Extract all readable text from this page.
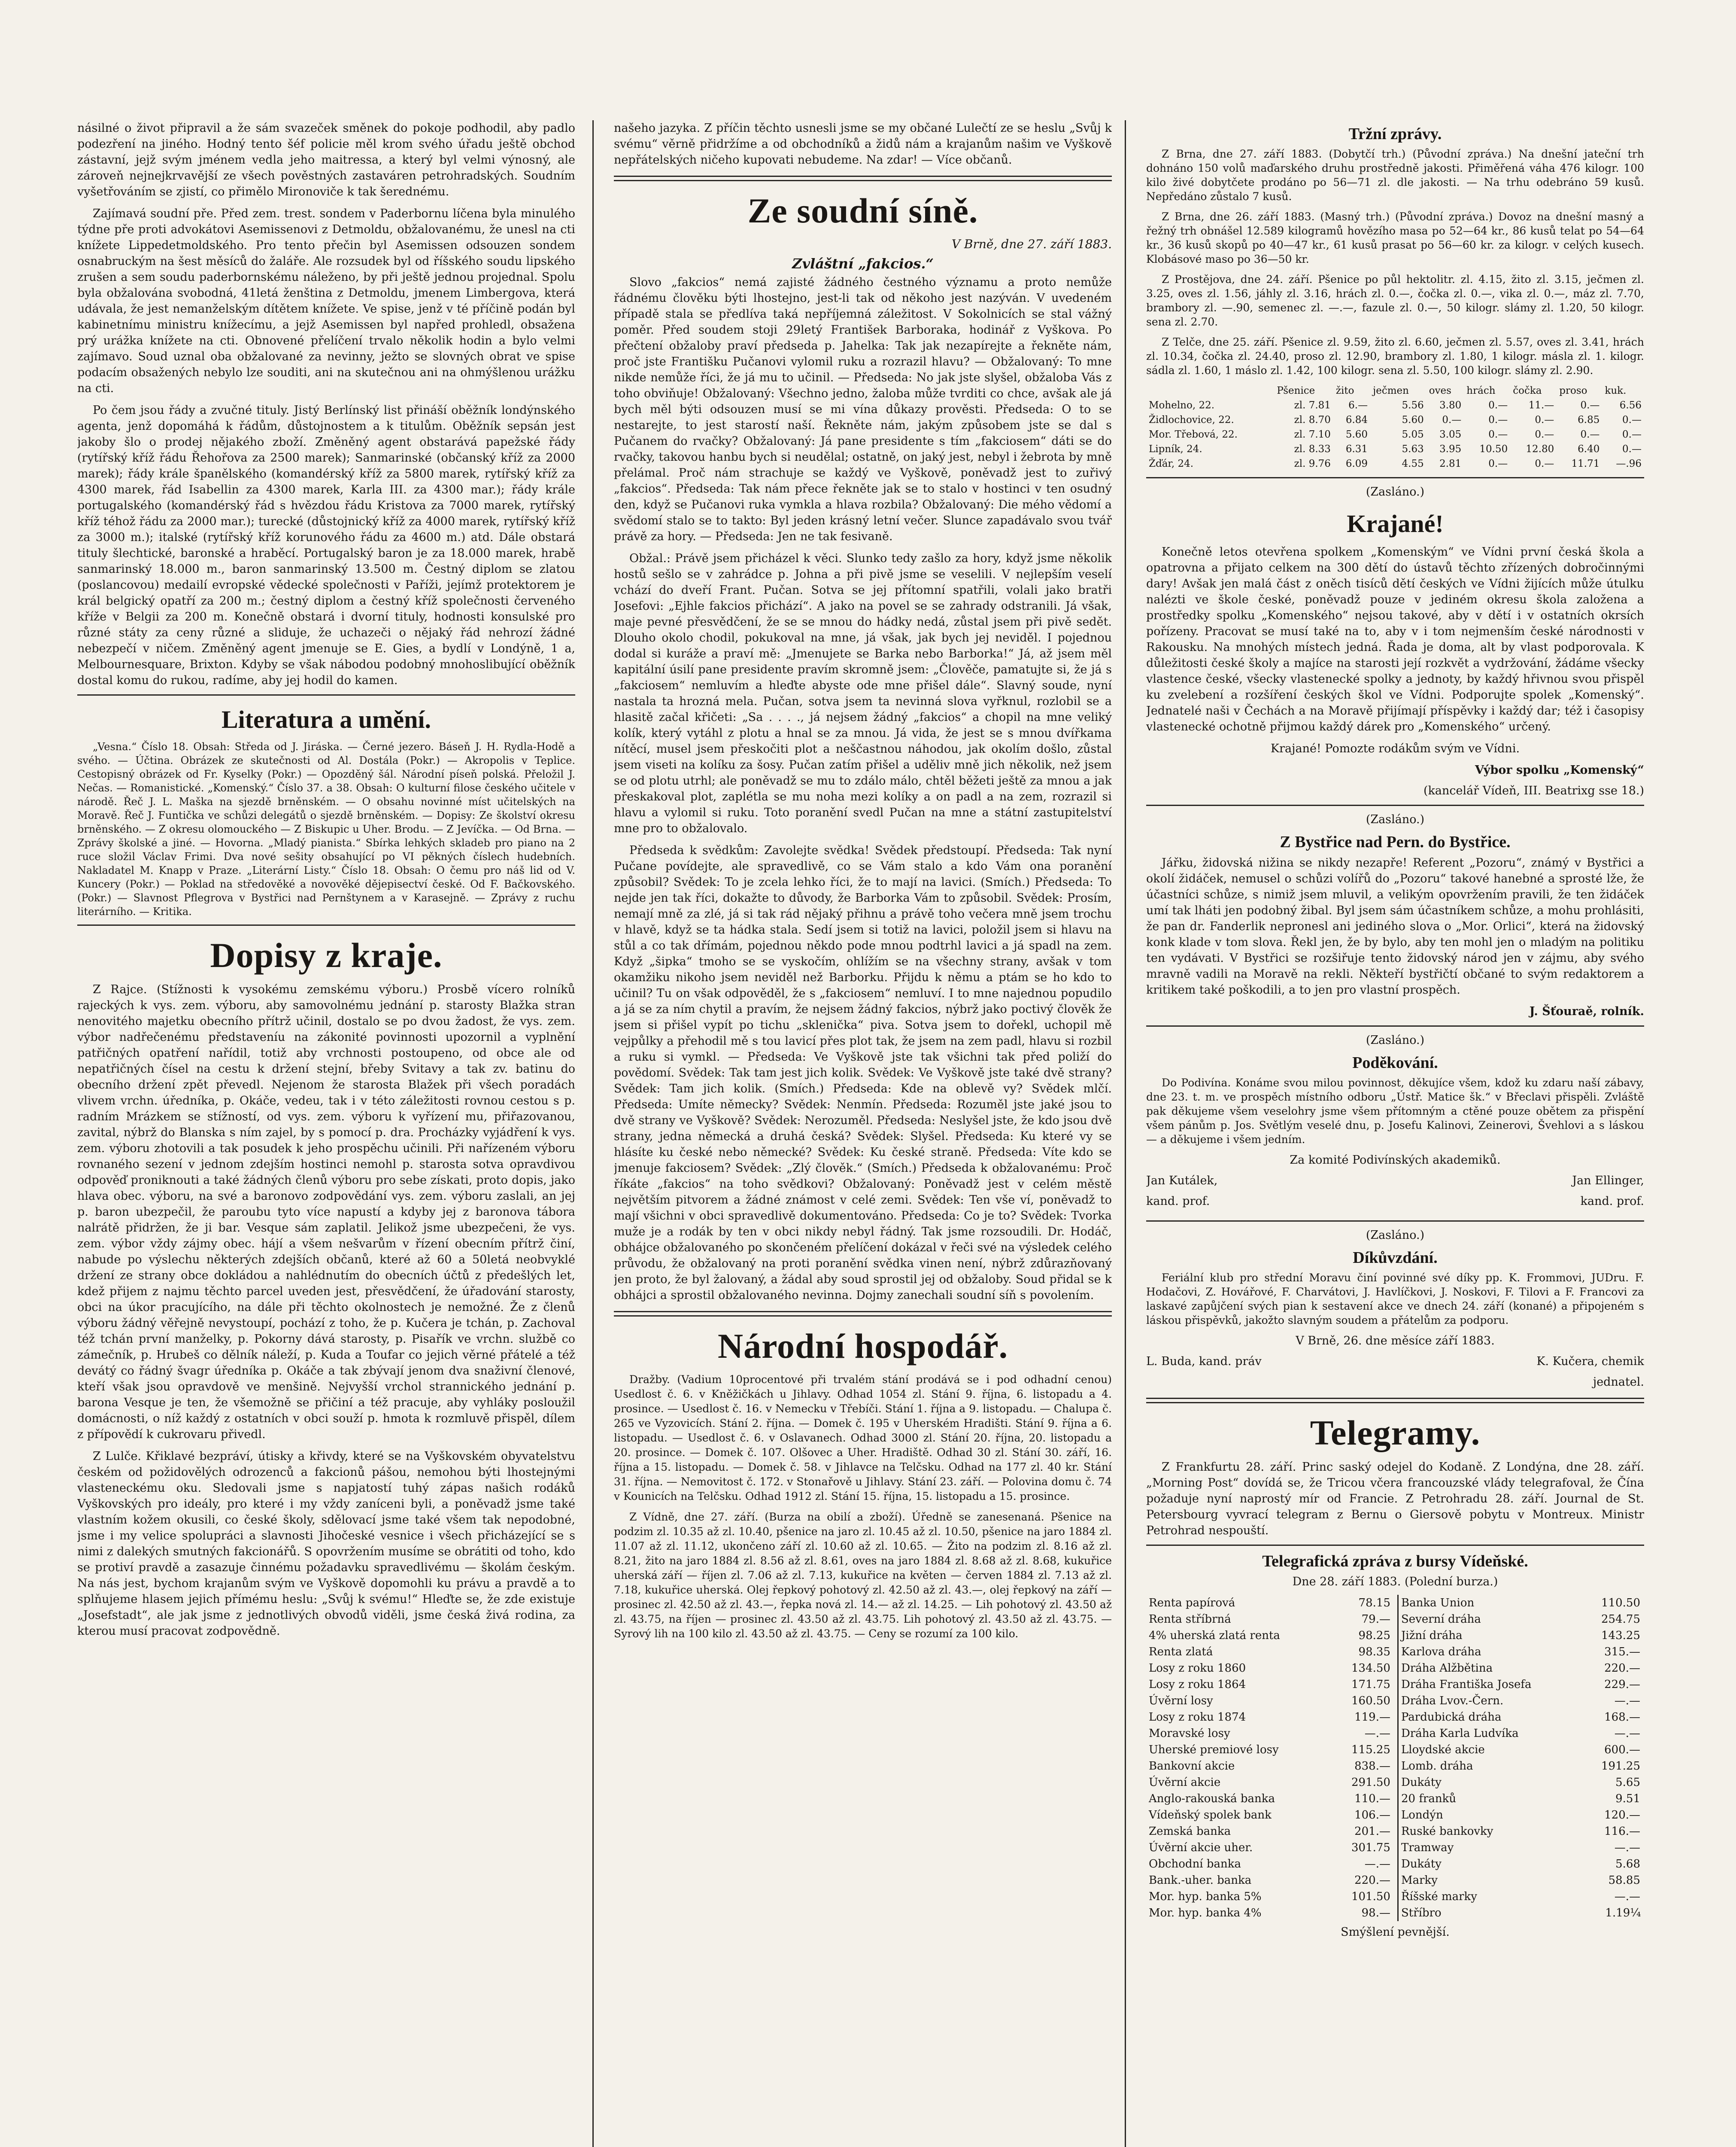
násilné o život připravil a že sám svazeček směnek do pokoje podhodil, aby padlo podezření na jiného. Hodný tento šéf policie měl krom svého úřadu ještě obchod zástavní, jejž svým jménem vedla jeho maitressa, a který byl velmi výnosný, ale zároveň nejnejkrvavější ze všech pověstných zastaváren petrohradských. Soudním vyšetřováním se zjistí, co přimělo Mironoviče k tak šerednému.

Zajímavá soudní pře. Před zem. trest. sondem v Paderbornu líčena byla minulého týdne pře proti advokátovi Asemissenovi z Detmoldu, obžalovanému, že unesl na cti knížete Lippedetmoldského. Pro tento přečin byl Asemissen odsouzen sondem osnabruckým na šest měsíců do žaláře. Ale rozsudek byl od říšského soudu lipského zrušen a sem soudu paderbornskému náleženo, by při ještě jednou projednal. Spolu byla obžalována svobodná, 41letá ženština z Detmoldu, jmenem Limbergova, která udávala, že jest nemanželským dítětem knížete. Ve spise, jenž v té příčině podán byl kabinetnímu ministru knížecímu, a jejž Asemissen byl napřed prohledl, obsažena prý urážka knížete na cti. Obnovené přelíčení trvalo několik hodin a bylo velmi zajímavo. Soud uznal oba obžalované za nevinny, ježto se slovných obrat ve spise podacím obsažených nebylo lze souditi, ani na skutečnou ani na ohmýšlenou urážku na cti.

Po čem jsou řády a zvučné tituly. Jistý Berlínský list přináší oběžník londýnského agenta, jenž dopomáhá k řádům, důstojnostem a k titulům. Oběžník sepsán jest jakoby šlo o prodej nějakého zboží. Změněný agent obstarává papežské řády (rytířský kříž řádu Řehořova za 2500 marek); Sanmarinské (občanský kříž za 2000 marek); řády krále španělského (komandérský kříž za 5800 marek, rytířský kříž za 4300 marek, řád Isabellin za 4300 marek, Karla III. za 4300 mar.); řády krále portugalského (komandérský řád s hvězdou řádu Kristova za 7000 marek, rytířský kříž téhož řádu za 2000 mar.); turecké (důstojnický kříž za 4000 marek, rytířský kříž za 3000 m.); italské (rytířský kříž korunového řádu za 4600 m.) atd. Dále obstará tituly šlechtické, baronské a hraběcí. Portugalský baron je za 18.000 marek, hrabě sanmarinský 18.000 m., baron sanmarinský 13.500 m. Čestný diplom se zlatou (poslancovou) medailí evropské vědecké společnosti v Paříži, jejímž protektorem je král belgický opatří za 200 m.; čestný diplom a čestný kříž společnosti červeného kříže v Belgii za 200 m. Konečně obstará i dvorní tituly, hodnosti konsulské pro různé státy za ceny různé a sliduje, že uchazeči o nějaký řád nehrozí žádné nebezpečí v ničem. Změněný agent jmenuje se E. Gies, a bydlí v Londýně, 1 a, Melbournesquare, Brixton. Kdyby se však nábodou podobný mnohoslibující oběžník dostal komu do rukou, radíme, aby jej hodil do kamen.

Literatura a umění.

„Vesna.“ Číslo 18. Obsah: Středa od J. Jiráska. — Černé jezero. Báseň J. H. Rydla-Hodě a svého. — Účtina. Obrázek ze skutečnosti od Al. Dostála (Pokr.) — Akropolis v Teplice. Cestopisný obrázek od Fr. Kyselky (Pokr.) — Opozděný šál. Národní píseň polská. Přeložil J. Nečas. — Romanistické. „Komenský.“ Číslo 37. a 38. Obsah: O kulturní filose českého učitele v národě. Řeč J. L. Maška na sjezdě brněnském. — O obsahu novinné míst učitelských na Moravě. Řeč J. Funtička ve schůzi delegátů o sjezdě brněnském. — Dopisy: Ze školství okresu brněnského. — Z okresu olomouckého — Z Biskupic u Uher. Brodu. — Z Jevíčka. — Od Brna. — Zprávy školské a jiné. — Hovorna. „Mladý pianista.“ Sbírka lehkých skladeb pro piano na 2 ruce složil Václav Frimi. Dva nové sešity obsahující po VI pěkných číslech hudebních. Nakladatel M. Knapp v Praze. „Literární Listy.“ Číslo 18. Obsah: O čemu pro náš lid od V. Kuncery (Pokr.) — Poklad na středověké a novověké dějepisectví české. Od F. Bačkovského. (Pokr.) — Slavnost Pflegrova v Bystřici nad Pernštynem a v Karasejně. — Zprávy z ruchu literárního. — Kritika.

Dopisy z kraje.

Z Rajce. (Stížnosti k vysokému zemskému výboru.) Prosbě vícero rolníků rajeckých k vys. zem. výboru, aby samovolnému jednání p. starosty Blažka stran nenovitého majetku obecního přítrž učinil, dostalo se po dvou žadost, že vys. zem. výbor nadřečenému představeníu na zákonité povinnosti upozornil a vyplnění patřičných opatření nařídil, totiž aby vrchnosti postoupeno, od obce ale od nepatřičných čísel na cestu k držení stejní, břeby Svitavy a tak zv. batinu do obecního držení zpět převedl. Nejenom že starosta Blažek při všech poradách vlivem vrchn. úředníka, p. Okáče, vedeu, tak i v této záležitosti rovnou cestou s p. radním Mrázkem se stížností, od vys. zem. výboru k vyřízení mu, přiřazovanou, zavital, nýbrž do Blanska s ním zajel, by s pomocí p. dra. Procházky vyjádření k vys. zem. výboru zhotovili a tak posudek k jeho prospěchu učinili. Při nařízeném výboru rovnaného sezení v jednom zdejším hostinci nemohl p. starosta sotva opravdivou odpověď proniknouti a také žádných členů výboru pro sebe získati, proto dopis, jako hlava obec. výboru, na své a baronovo zodpovědání vys. zem. výboru zaslali, an jej p. baron ubezpečil, že paroubu tyto více napustí a kdyby jej z baronova tábora nalrátě přidržen, že ji bar. Vesque sám zaplatil. Jelikož jsme ubezpečeni, že vys. zem. výbor vždy zájmy obec. hájí a všem nešvarům v řízení obecním přítrž činí, nabude po výslechu některých zdejších občanů, které až 60 a 50letá neobvyklé držení ze strany obce dokládou a nahlédnutím do obecních účtů z předešlých let, kdež přijem z najmu těchto parcel uveden jest, přesvědčení, že úřadování starosty, obci na úkor pracujícího, na dále při těchto okolnostech je nemožné. Že z členů výboru žádný věřejně nevystoupí, pochází z toho, že p. Kučera je tchán, p. Zachoval též tchán první manželky, p. Pokorny dává starosty, p. Pisařík ve vrchn. službě co zámečník, p. Hrubeš co dělník náleží, p. Kuda a Toufar co jejich věrné přátelé a též devátý co řádný švagr úředníka p. Okáče a tak zbývají jenom dva snaživní členové, kteří však jsou opravdově ve menšině. Nejvyšší vrchol strannického jednání p. barona Vesque je ten, že všemožně se přičiní a též pracuje, aby vyhláky posloužil domácnosti, o níž každý z ostatních v obci souží p. hmota k rozmluvě přispěl, dílem z přípovědí k cukrovaru přivedl.

Z Lulče. Křiklavé bezpráví, útisky a křivdy, které se na Vyškovském obyvatelstvu českém od požidovělých odrozenců a fakcionů pášou, nemohou býti lhostejnými vlasteneckému oku. Sledovali jsme s napjatostí tuhý zápas našich rodáků Vyškovských pro ideály, pro které i my vždy zaníceni byli, a poněvadž jsme také vlastním kožem okusili, co české školy, sdělovací jsme také všem tak nepodobné, jsme i my velice spolupráci a slavnosti Jihočeské vesnice i všech přicházející se s nimi z dalekých smutných fakcionářů. S opovržením musíme se obrátiti od toho, kdo se protiví pravdě a zasazuje činnému požadavku spravedlivému — školám českým. Na nás jest, bychom krajanům svým ve Vyškově dopomohli ku právu a pravdě a to splňujeme hlasem jejich přímému heslu: „Svůj k svému!“ Hleďte se, že zde existuje „Josefstadt“, ale jak jsme z jednotlivých obvodů viděli, jsme česká živá rodina, za kterou musí pracovat zodpovědně.

našeho jazyka. Z příčin těchto usnesli jsme se my občané Lulečtí ze se heslu „Svůj k svému“ věrně přidržíme a od obchodníků a židů nám a krajanům našim ve Vyškově nepřátelských ničeho kupovati nebudeme. Na zdar! — Více občanů.

Ze soudní síně.
V Brně, dne 27. září 1883.
Zvláštní „fakcios.“

Slovo „fakcios“ nemá zajisté žádného čestného významu a proto nemůže řádnému člověku býti lhostejno, jest-li tak od někoho jest nazýván. V uvedeném případě stala se předlíva taká nepříjemná záležitost. V Sokolnicích se stal vážný poměr. Před soudem stoji 29letý František Barboraka, hodinář z Vyškova. Po přečtení obžaloby praví předseda p. Jahelka: Tak jak nezapírejte a řekněte nám, proč jste Františku Pučanovi vylomil ruku a rozrazil hlavu? — Obžalovaný: To mne nikde nemůže říci, že já mu to učinil. — Předseda: No jak jste slyšel, obžaloba Vás z toho obviňuje! Obžalovaný: Všechno jedno, žaloba může tvrditi co chce, avšak ale já bych měl býti odsouzen musí se mi vína důkazy prověsti. Předseda: O to se nestarejte, to jest starostí naší. Řekněte nám, jakým způsobem jste se dal s Pučanem do rvačky? Obžalovaný: Já pane presidente s tím „fakciosem“ dáti se do rvačky, takovou hanbu bych si neudělal; ostatně, on jaký jest, nebyl i žebrota by mně přelámal. Proč nám strachuje se každý ve Vyškově, poněvadž jest to zuřivý „fakcios“. Předseda: Tak nám přece řekněte jak se to stalo v hostinci v ten osudný den, když se Pučanovi ruka vymkla a hlava rozbila? Obžalovaný: Die mého vědomí a svědomí stalo se to takto: Byl jeden krásný letní večer. Slunce zapadávalo svou tvář právě za hory. — Předseda: Jen ne tak fesivaně.

Obžal.: Právě jsem přicházel k věci. Slunko tedy zašlo za hory, když jsme několik hostů sešlo se v zahrádce p. Johna a při pivě jsme se veselili. V nejlepším veselí vchází do dveří Frant. Pučan. Sotva se jej přítomní spatřili, volali jako bratři Josefovi: „Ejhle fakcios přichází“. A jako na povel se se zahrady odstranili. Já však, maje pevné přesvědčení, že se se mnou do hádky nedá, zůstal jsem při pivě sedět. Dlouho okolo chodil, pokukoval na mne, já však, jak bych jej neviděl. I pojednou dodal si kuráže a praví mě: „Jmenujete se Barka nebo Barborka!“ Já, až jsem měl kapitální úsilí pane presidente pravím skromně jsem: „Člověče, pamatujte si, že já s „fakciosem“ nemluvím a hleďte abyste ode mne přišel dále“. Slavný soude, nyní nastala ta hrozná mela. Pučan, sotva jsem ta nevinná slova vyřknul, rozlobil se a hlasitě začal křičeti: „Sa . . . ., já nejsem žádný „fakcios“ a chopil na mne veliký kolík, který vytáhl z plotu a hnal se za mnou. Já vida, že jest se s mnou dvířkama nítěcí, musel jsem přeskočiti plot a neščastnou náhodou, jak okolím došlo, zůstal jsem viseti na kolíku za šosy. Pučan zatím přišel a uděliv mně jich několik, než jsem se od plotu utrhl; ale poněvadž se mu to zdálo málo, chtěl běžeti ještě za mnou a jak přeskakoval plot, zaplétla se mu noha mezi kolíky a on padl a na zem, rozrazil si hlavu a vylomil si ruku. Toto poranění svedl Pučan na mne a státní zastupitelství mne pro to obžalovalo.

Předseda k svědkům: Zavolejte svědka! Svědek předstoupí. Předseda: Tak nyní Pučane povídejte, ale spravedlivě, co se Vám stalo a kdo Vám ona poranění způsobil? Svědek: To je zcela lehko říci, že to mají na lavici. (Smích.) Předseda: To nejde jen tak říci, dokažte to důvody, že Barborka Vám to způsobil. Svědek: Prosím, nemají mně za zlé, já si tak rád nějaký přihnu a právě toho večera mně jsem trochu v hlavě, když se ta hádka stala. Sedí jsem si totiž na lavici, položil jsem si hlavu na stůl a co tak dřímám, pojednou někdo pode mnou podtrhl lavici a já spadl na zem. Když „šipka“ tmoho se se vyskočím, ohlížím se na všechny strany, avšak v tom okamžiku nikoho jsem neviděl než Barborku. Přijdu k němu a ptám se ho kdo to učinil? Tu on však odpověděl, že s „fakciosem“ nemluví. I to mne najednou popudilo a já se za ním chytil a pravím, že nejsem žádný fakcios, nýbrž jako poctivý člověk že jsem si přišel vypít po tichu „sklenička“ piva. Sotva jsem to dořekl, uchopil mě vejpůlky a přehodil mě s tou lavicí přes plot tak, že jsem na zem padl, hlavu si rozbil a ruku si vymkl. — Předseda: Ve Vyškově jste tak všichni tak před poliží do povědomí. Svědek: Tak tam jest jich kolik. Svědek: Ve Vyškově jste také dvě strany? Svědek: Tam jich kolik. (Smích.) Předseda: Kde na oblevě vy? Svědek mlčí. Předseda: Umíte německy? Svědek: Nenmín. Předseda: Rozuměl jste jaké jsou to dvě strany ve Vyškově? Svědek: Nerozuměl. Předseda: Neslyšel jste, že kdo jsou dvě strany, jedna německá a druhá česká? Svědek: Slyšel. Předseda: Ku které vy se hlásíte ku české nebo německé? Svědek: Ku české straně. Předseda: Víte kdo se jmenuje fakciosem? Svědek: „Zlý člověk.“ (Smích.) Předseda k obžalovanému: Proč říkáte „fakcios“ na toho svědkovi? Obžalovaný: Poněvadž jest v celém městě největším pitvorem a žádné známost v celé zemi. Svědek: Ten vše ví, poněvadž to mají všichni v obci spravedlivě dokumentováno. Předseda: Co je to? Svědek: Tvorka muže je a rodák by ten v obci nikdy nebyl řádný. Tak jsme rozsoudili. Dr. Hodáč, obhájce obžalovaného po skončeném přelíčení dokázal v řeči své na výsledek celého průvodu, že obžalovaný na proti poranění svědka vinen není, nýbrž zdůrazňovaný jen proto, že byl žalovaný, a žádal aby soud sprostil jej od obžaloby. Soud přidal se k obhájci a sprostil obžalovaného nevinna. Dojmy zanechali soudní síň s povolením.

Národní hospodář.

Dražby. (Vadium 10procentové při trvalém stání prodává se i pod odhadní cenou) Usedlost č. 6. v Kněžičkách u Jihlavy. Odhad 1054 zl. Stání 9. října, 6. listopadu a 4. prosince. — Usedlost č. 16. v Nemecku v Třebíči. Stání 1. října a 9. listopadu. — Chalupa č. 265 ve Vyzovicích. Stání 2. října. — Domek č. 195 v Uherském Hradišti. Stání 9. října a 6. listopadu. — Usedlost č. 6. v Oslavanech. Odhad 3000 zl. Stání 20. října, 20. listopadu a 20. prosince. — Domek č. 107. Olšovec a Uher. Hradiště. Odhad 30 zl. Stání 30. září, 16. října a 15. listopadu. — Domek č. 58. v Jihlavce na Telčsku. Odhad na 177 zl. 40 kr. Stání 31. října. — Nemovitost č. 172. v Stonařově u Jihlavy. Stání 23. září. — Polovina domu č. 74 v Kounicích na Telčsku. Odhad 1912 zl. Stání 15. října, 15. listopadu a 15. prosince.

Z Vídně, dne 27. září. (Burza na obilí a zboží). Úředně se zanesenaná. Pšenice na podzim zl. 10.35 až zl. 10.40, pšenice na jaro zl. 10.45 až zl. 10.50, pšenice na jaro 1884 zl. 11.07 až zl. 11.12, ukončeno září zl. 10.60 až zl. 10.65. — Žito na podzim zl. 8.16 až zl. 8.21, žito na jaro 1884 zl. 8.56 až zl. 8.61, oves na jaro 1884 zl. 8.68 až zl. 8.68, kukuřice uherská září — říjen zl. 7.06 až zl. 7.13, kukuřice na květen — červen 1884 zl. 7.13 až zl. 7.18, kukuřice uherská. Olej řepkový pohotový zl. 42.50 až zl. 43.—, olej řepkový na září — prosinec zl. 42.50 až zl. 43.—, řepka nová zl. 14.— až zl. 14.25. — Lih pohotový zl. 43.50 až zl. 43.75, na říjen — prosinec zl. 43.50 až zl. 43.75. Lih pohotový zl. 43.50 až zl. 43.75. — Syrový lih na 100 kilo zl. 43.50 až zl. 43.75. — Ceny se rozumí za 100 kilo.

Tržní zprávy.

Z Brna, dne 27. září 1883. (Dobytčí trh.) (Původní zpráva.) Na dnešní jateční trh dohnáno 150 volů maďarského druhu prostředně jakosti. Přiměřená váha 476 kilogr. 100 kilo živé dobytčete prodáno po 56—71 zl. dle jakosti. — Na trhu odebráno 59 kusů. Nepředáno zůstalo 7 kusů.

Z Brna, dne 26. září 1883. (Masný trh.) (Původní zpráva.) Dovoz na dnešní masný a řežný trh obnášel 12.589 kilogramů hovězího masa po 52—64 kr., 86 kusů telat po 54—64 kr., 36 kusů skopů po 40—47 kr., 61 kusů prasat po 56—60 kr. za kilogr. v celých kusech. Klobásové maso po 36—50 kr.

Z Prostějova, dne 24. září. Pšenice po půl hektolitr. zl. 4.15, žito zl. 3.15, ječmen zl. 3.25, oves zl. 1.56, jáhly zl. 3.16, hrách zl. 0.—, čočka zl. 0.—, vika zl. 0.—, máz zl. 7.70, brambory zl. —.90, semenec zl. —.—, fazule zl. 0.—, 50 kilogr. slámy zl. 1.20, 50 kilogr. sena zl. 2.70.

Z Telče, dne 25. září. Pšenice zl. 9.59, žito zl. 6.60, ječmen zl. 5.57, oves zl. 3.41, hrách zl. 10.34, čočka zl. 24.40, proso zl. 12.90, brambory zl. 1.80, 1 kilogr. másla zl. 1. kilogr. sádla zl. 1.60, 1 máslo zl. 1.42, 100 kilogr. sena zl. 5.50, 100 kilogr. slámy zl. 2.90.

	Pšenice	žito	ječmen	oves	hrách	čočka	proso	kuk.
Mohelno, 22.	zl. 7.81	6.—	5.56	3.80	0.—	11.—	0.—	6.56
Židlochovice, 22.	zl. 8.70	6.84	5.60	0.—	0.—	0.—	6.85	0.—
Mor. Třebová, 22.	zl. 7.10	5.60	5.05	3.05	0.—	0.—	0.—	0.—
Lipník, 24.	zl. 8.33	6.31	5.63	3.95	10.50	12.80	6.40	0.—
Žďár, 24.	zl. 9.76	6.09	4.55	2.81	0.—	0.—	11.71	—.96
(Zasláno.)
Krajané!

Konečně letos otevřena spolkem „Komenským“ ve Vídni první česká škola a opatrovna a přijato celkem na 300 dětí do ústavů těchto zřízených dobročinnými dary! Avšak jen malá část z oněch tisíců dětí českých ve Vídni žijících může útulku nalézti ve škole české, poněvadž pouze v jediném okresu škola založena a prostředky spolku „Komenského“ nejsou takové, aby v dětí i v ostatních okrsích pořízeny. Pracovat se musí také na to, aby v i tom nejmenším české národnosti v Rakousku. Na mnohých místech jedná. Řada je doma, alt by vlast podporovala. K důležitosti české školy a majíce na starosti její rozkvět a vydržování, žádáme všecky vlastence české, všecky vlastenecké spolky a jednoty, by každý hřivnou svou přispěl ku zvelebení a rozšíření českých škol ve Vídni. Podporujte spolek „Komenský“. Jednatelé naši v Čechách a na Moravě přijímají příspěvky i každý dar; též i časopisy vlastenecké ochotně přijmou každý dárek pro „Komenského“ určený.

Krajané! Pomozte rodákům svým ve Vídni.

Výbor spolku „Komenský“
(kancelář Vídeň, III. Beatrixg sse 18.)
(Zasláno.)
Z Bystřice nad Pern. do Bystřice.

Jářku, židovská nižina se nikdy nezapře! Referent „Pozoru“, známý v Bystřici a okolí židáček, nemusel o schůzi volířů do „Pozoru“ takové hanebné a sprosté lže, že účastníci schůze, s nimiž jsem mluvil, a velikým opovržením pravili, že ten židáček umí tak lháti jen podobný žibal. Byl jsem sám účastníkem schůze, a mohu prohlásiti, že pan dr. Fanderlik nepronesl ani jediného slova o „Mor. Orlici“, která na židovský konk klade v tom slova. Řekl jen, že by bylo, aby ten mohl jen o mladým na politiku ten vydávati. V Bystřici se rozšiřuje tento židovský národ jen v zájmu, aby svého mravně vadili na Moravě na rekli. Někteří bystřičtí občané to svým redaktorem a kritikem také poškodili, a to jen pro vlastní prospěch.

J. Šťouraě, rolník.
(Zasláno.)
Poděkování.

Do Podivína. Konáme svou milou povinnost, děkujíce všem, kdož ku zdaru naší zábavy, dne 23. t. m. ve prospěch místního odboru „Ústř. Matice šk.“ v Břeclavi přispěli. Zvláště pak děkujeme všem veselohry jsme všem přítomným a ctěné pouze obětem za přispění všem pánům p. Jos. Světlým veselé dnu, p. Josefu Kalinovi, Zeinerovi, Švehlovi a s láskou — a děkujeme i všem jedním.

Za komité Podivínských akademiků.
Jan Kutálek,	Jan Ellinger,
kand. prof.	kand. prof.
(Zasláno.)
Díkůvzdání.

Feriální klub pro střední Moravu činí povinné své díky pp. K. Frommovi, JUDru. F. Hodačovi, Z. Hovářové, F. Charvátovi, J. Havlíčkovi, J. Noskovi, F. Tilovi a F. Francovi za laskavé zapůjčení svých pian k sestavení akce ve dnech 24. září (konané) a připojeném s láskou přispěvků, jakožto slavným soudem a přátelům za podporu.

V Brně, 26. dne měsíce září 1883.
L. Buda, kand. práv	K. Kučera, chemik
jednatel.
Telegramy.

Z Frankfurtu 28. září. Princ saský odejel do Kodaně. Z Londýna, dne 28. září. „Morning Post“ dovídá se, že Tricou včera francouzské vlády telegrafoval, že Čína požaduje nyní naprostý mír od Francie. Z Petrohradu 28. září. Journal de St. Petersbourg vyvrací telegram z Bernu o Giersově pobytu v Montreux. Ministr Petrohrad nespouští.

Telegrafická zpráva z bursy Vídeňské.
Dne 28. září 1883. (Polední burza.)
Renta papírová	78.15
Renta stříbrná	79.—
4% uherská zlatá renta	98.25
Renta zlatá	98.35
Losy z roku 1860	134.50
Losy z roku 1864	171.75
Úvěrní losy	160.50
Losy z roku 1874	119.—
Moravské losy	—.—
Uherské premiové losy	115.25
Bankovní akcie	838.—
Úvěrní akcie	291.50
Anglo-rakouská banka	110.—
Vídeňský spolek bank	106.—
Zemská banka	201.—
Úvěrní akcie uher.	301.75
Obchodní banka	—.—
Bank.-uher. banka	220.—
Mor. hyp. banka 5%	101.50
Mor. hyp. banka 4%	98.—
Banka Union	110.50
Severní dráha	254.75
Jižní dráha	143.25
Karlova dráha	315.—
Dráha Alžbětina	220.—
Dráha Františka Josefa	229.—
Dráha Lvov.-Čern.	—.—
Pardubická dráha	168.—
Dráha Karla Ludvíka	—.—
Lloydské akcie	600.—
Lomb. dráha	191.25
Dukáty	5.65
20 franků	9.51
Londýn	120.—
Ruské bankovky	116.—
Tramway	—.—
Dukáty	5.68
Marky	58.85
Říšské marky	—.—
Stříbro	1.19¼
Smýšlení pevnější.
